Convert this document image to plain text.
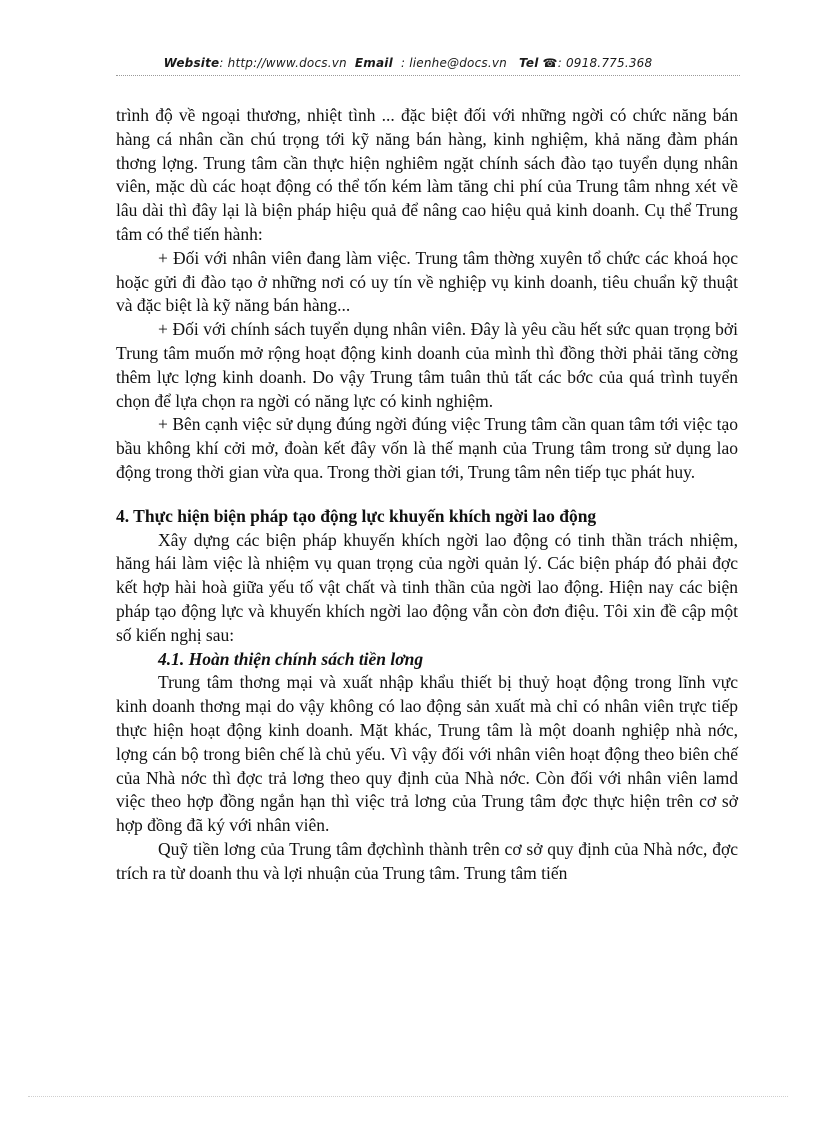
Website: http://www.docs.vn Email : lienhe@docs.vn Tel ☎: 0918.775.368

trình độ về ngoại thương, nhiệt tình ... đặc biệt đối với những ngời có chức năng bán hàng cá nhân cần chú trọng tới kỹ năng bán hàng, kinh nghiệm, khả năng đàm phán thơng lợng. Trung tâm cần thực hiện nghiêm ngặt chính sách đào tạo tuyển dụng nhân viên, mặc dù các hoạt động có thể tốn kém làm tăng chi phí của Trung tâm nhng xét về lâu dài thì đây lại là biện pháp hiệu quả để nâng cao hiệu quả kinh doanh. Cụ thể Trung tâm có thể tiến hành:

+ Đối với nhân viên đang làm việc. Trung tâm thờng xuyên tổ chức các khoá học hoặc gửi đi đào tạo ở những nơi có uy tín về nghiệp vụ kinh doanh, tiêu chuẩn kỹ thuật và đặc biệt là kỹ năng bán hàng...

+ Đối với chính sách tuyển dụng nhân viên. Đây là yêu cầu hết sức quan trọng bởi Trung tâm muốn mở rộng hoạt động kinh doanh của mình thì đồng thời phải tăng cờng thêm lực lợng kinh doanh. Do vậy Trung tâm tuân thủ tất các bớc của quá trình tuyển chọn để lựa chọn ra ngời có năng lực có kinh nghiệm.

+ Bên cạnh việc sử dụng đúng ngời đúng việc Trung tâm cần quan tâm tới việc tạo bầu không khí cởi mở, đoàn kết đây vốn là thế mạnh của Trung tâm trong sử dụng lao động trong thời gian vừa qua. Trong thời gian tới, Trung tâm nên tiếp tục phát huy.

4. Thực hiện biện pháp tạo động lực khuyến khích ngời lao động

Xây dựng các biện pháp khuyến khích ngời lao động có tinh thần trách nhiệm, hăng hái làm việc là nhiệm vụ quan trọng của ngời quản lý. Các biện pháp đó phải đợc kết hợp hài hoà giữa yếu tố vật chất và tinh thần của ngời lao động. Hiện nay các biện pháp tạo động lực và khuyến khích ngời lao động vẫn còn đơn điệu. Tôi xin đề cập một số kiến nghị sau:

4.1. Hoàn thiện chính sách tiền lơng

Trung tâm thơng mại và xuất nhập khẩu thiết bị thuỷ hoạt động trong lĩnh vực kinh doanh thơng mại do vậy không có lao động sản xuất mà chỉ có nhân viên trực tiếp thực hiện hoạt động kinh doanh. Mặt khác, Trung tâm là một doanh nghiệp nhà nớc, lợng cán bộ trong biên chế là chủ yếu. Vì vậy đối với nhân viên hoạt động theo biên chế của Nhà nớc thì đợc trả lơng theo quy định của Nhà nớc. Còn đối với nhân viên lamd việc theo hợp đồng ngắn hạn thì việc trả lơng của Trung tâm đợc thực hiện trên cơ sở hợp đồng đã ký với nhân viên.

Quỹ tiền lơng của Trung tâm đợchình thành trên cơ sở quy định của Nhà nớc, đợc trích ra từ doanh thu và lợi nhuận của Trung tâm. Trung tâm tiến
